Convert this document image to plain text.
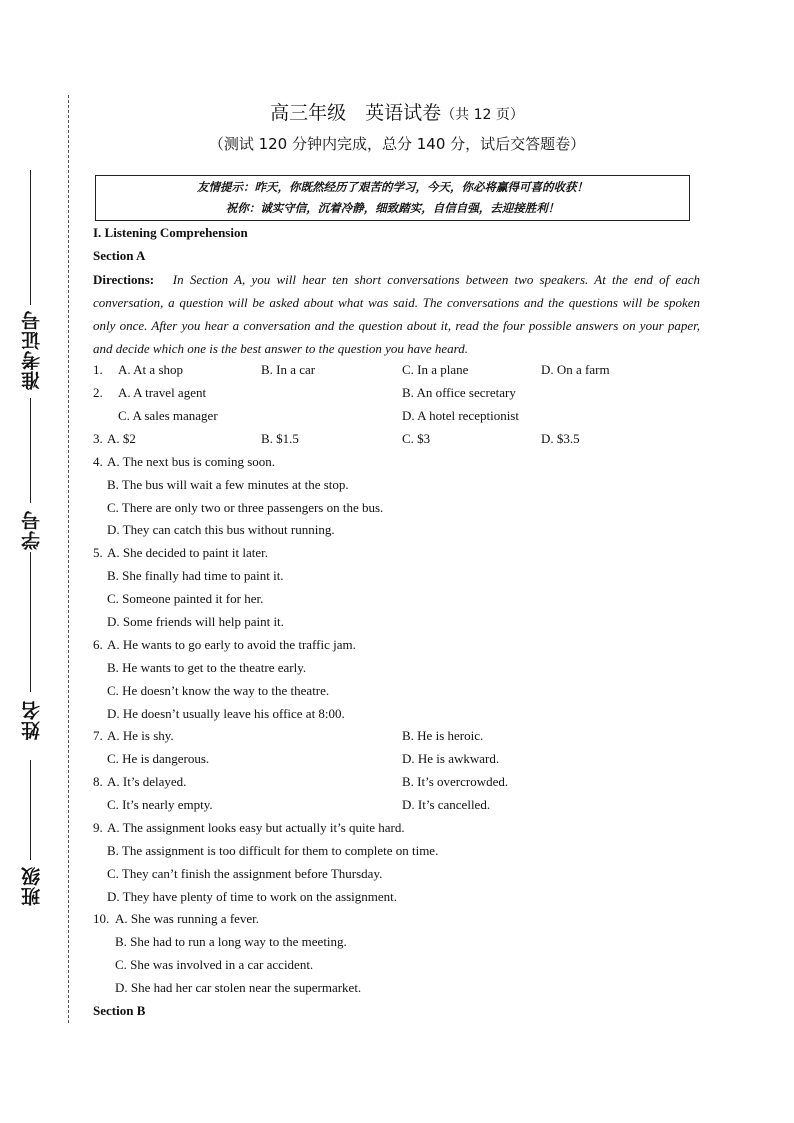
准考证号
学号
姓名
班级
高三年级　英语试卷（共 12 页）
（测试 120 分钟内完成，总分 140 分，试后交答题卷）
友情提示：昨天，你既然经历了艰苦的学习，今天，你必将赢得可喜的收获！
祝你：诚实守信，沉着冷静，细致踏实，自信自强，去迎接胜利！
I. Listening Comprehension
Section A
Directions: In Section A, you will hear ten short conversations between two speakers. At the end of each conversation, a question will be asked about what was said. The conversations and the questions will be spoken only once. After you hear a conversation and the question about it, read the four possible answers on your paper, and decide which one is the best answer to the question you have heard.
1. A. At a shop	B. In a car	C. In a plane	D. On a farm
2. A. A travel agent	B. An office secretary
C. A sales manager	D. A hotel receptionist
3. A. $2	B. $1.5	C. $3	D. $3.5
4. A. The next bus is coming soon.
B. The bus will wait a few minutes at the stop.
C. There are only two or three passengers on the bus.
D. They can catch this bus without running.
5. A. She decided to paint it later.
B. She finally had time to paint it.
C. Someone painted it for her.
D. Some friends will help paint it.
6. A. He wants to go early to avoid the traffic jam.
B. He wants to get to the theatre early.
C. He doesn’t know the way to the theatre.
D. He doesn’t usually leave his office at 8:00.
7. A. He is shy.	B. He is heroic.
C. He is dangerous.	D. He is awkward.
8. A. It’s delayed.	B. It’s overcrowded.
C. It’s nearly empty.	D. It’s cancelled.
9. A. The assignment looks easy but actually it’s quite hard.
B. The assignment is too difficult for them to complete on time.
C. They can’t finish the assignment before Thursday.
D. They have plenty of time to work on the assignment.
10. A. She was running a fever.
B. She had to run a long way to the meeting.
C. She was involved in a car accident.
D. She had her car stolen near the supermarket.
Section B
